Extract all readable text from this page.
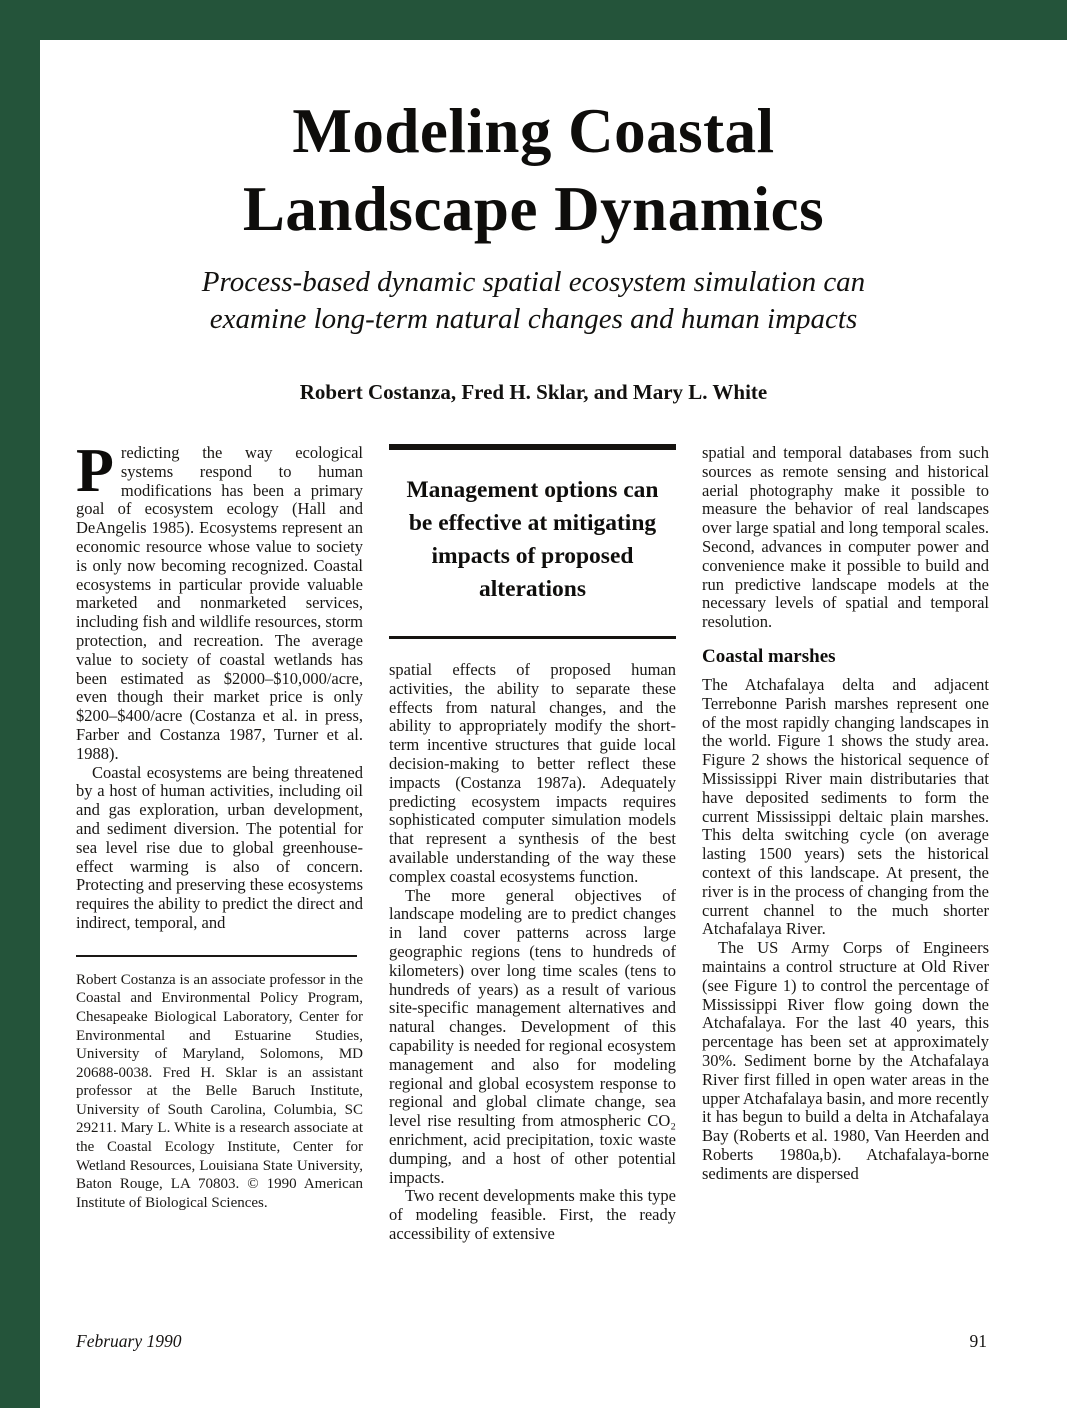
Modeling Coastal
Landscape Dynamics
Process-based dynamic spatial ecosystem simulation can
examine long-term natural changes and human impacts
Robert Costanza, Fred H. Sklar, and Mary L. White

Predicting the way ecological systems respond to human modifications has been a primary goal of ecosystem ecology (Hall and DeAngelis 1985). Ecosystems represent an economic resource whose value to society is only now becoming recognized. Coastal ecosystems in particular provide valuable marketed and nonmarketed services, including fish and wildlife resources, storm protection, and recreation. The average value to society of coastal wetlands has been estimated as $2000–$10,000/acre, even though their market price is only $200–$400/acre (Costanza et al. in press, Farber and Costanza 1987, Turner et al. 1988).

Coastal ecosystems are being threatened by a host of human activities, including oil and gas exploration, urban development, and sediment diversion. The potential for sea level rise due to global greenhouse-effect warming is also of concern. Protecting and preserving these ecosystems requires the ability to predict the direct and indirect, temporal, and

Robert Costanza is an associate professor in the Coastal and Environmental Policy Program, Chesapeake Biological Laboratory, Center for Environmental and Estuarine Studies, University of Maryland, Solomons, MD 20688-0038. Fred H. Sklar is an assistant professor at the Belle Baruch Institute, University of South Carolina, Columbia, SC 29211. Mary L. White is a research associate at the Coastal Ecology Institute, Center for Wetland Resources, Louisiana State University, Baton Rouge, LA 70803. © 1990 American Institute of Biological Sciences.

Management options can be effective at mitigating impacts of proposed alterations

spatial effects of proposed human activities, the ability to separate these effects from natural changes, and the ability to appropriately modify the short-term incentive structures that guide local decision-making to better reflect these impacts (Costanza 1987a). Adequately predicting ecosystem impacts requires sophisticated computer simulation models that represent a synthesis of the best available understanding of the way these complex coastal ecosystems function.

The more general objectives of landscape modeling are to predict changes in land cover patterns across large geographic regions (tens to hundreds of kilometers) over long time scales (tens to hundreds of years) as a result of various site-specific management alternatives and natural changes. Development of this capability is needed for regional ecosystem management and also for modeling regional and global ecosystem response to regional and global climate change, sea level rise resulting from atmospheric CO₂ enrichment, acid precipitation, toxic waste dumping, and a host of other potential impacts.

Two recent developments make this type of modeling feasible. First, the ready accessibility of extensive

spatial and temporal databases from such sources as remote sensing and historical aerial photography make it possible to measure the behavior of real landscapes over large spatial and long temporal scales. Second, advances in computer power and convenience make it possible to build and run predictive landscape models at the necessary levels of spatial and temporal resolution.

Coastal marshes

The Atchafalaya delta and adjacent Terrebonne Parish marshes represent one of the most rapidly changing landscapes in the world. Figure 1 shows the study area. Figure 2 shows the historical sequence of Mississippi River main distributaries that have deposited sediments to form the current Mississippi deltaic plain marshes. This delta switching cycle (on average lasting 1500 years) sets the historical context of this landscape. At present, the river is in the process of changing from the current channel to the much shorter Atchafalaya River.

The US Army Corps of Engineers maintains a control structure at Old River (see Figure 1) to control the percentage of Mississippi River flow going down the Atchafalaya. For the last 40 years, this percentage has been set at approximately 30%. Sediment borne by the Atchafalaya River first filled in open water areas in the upper Atchafalaya basin, and more recently it has begun to build a delta in Atchafalaya Bay (Roberts et al. 1980, Van Heerden and Roberts 1980a,b). Atchafalaya-borne sediments are dispersed

February 1990	91
